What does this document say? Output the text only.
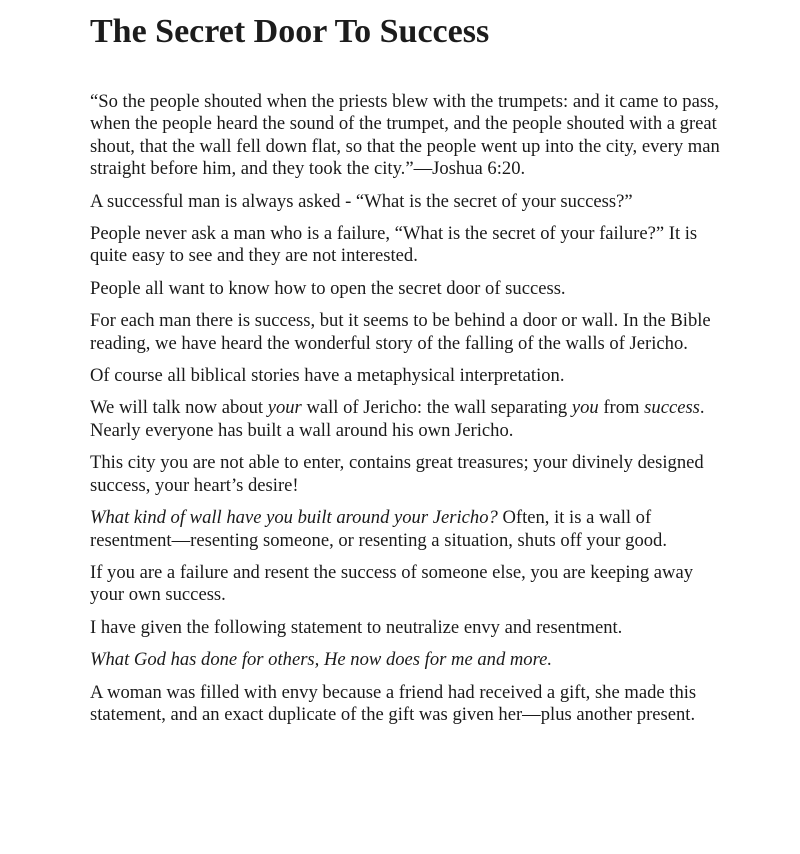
The Secret Door To Success

“So the people shouted when the priests blew with the trumpets: and it came to pass, when the people heard the sound of the trumpet, and the people shouted with a great shout, that the wall fell down flat, so that the people went up into the city, every man straight before him, and they took the city.”—Joshua 6:20.

A successful man is always asked - “What is the secret of your success?”

People never ask a man who is a failure, “What is the secret of your failure?” It is quite easy to see and they are not interested.

People all want to know how to open the secret door of success.

For each man there is success, but it seems to be behind a door or wall. In the Bible reading, we have heard the wonderful story of the falling of the walls of Jericho.

Of course all biblical stories have a metaphysical interpretation.

We will talk now about your wall of Jericho: the wall separating you from success. Nearly everyone has built a wall around his own Jericho.

This city you are not able to enter, contains great treasures; your divinely designed success, your heart’s desire!

What kind of wall have you built around your Jericho? Often, it is a wall of resentment—resenting someone, or resenting a situation, shuts off your good.

If you are a failure and resent the success of someone else, you are keeping away your own success.

I have given the following statement to neutralize envy and resentment.

What God has done for others, He now does for me and more.

A woman was filled with envy because a friend had received a gift, she made this statement, and an exact duplicate of the gift was given her—plus another present.
